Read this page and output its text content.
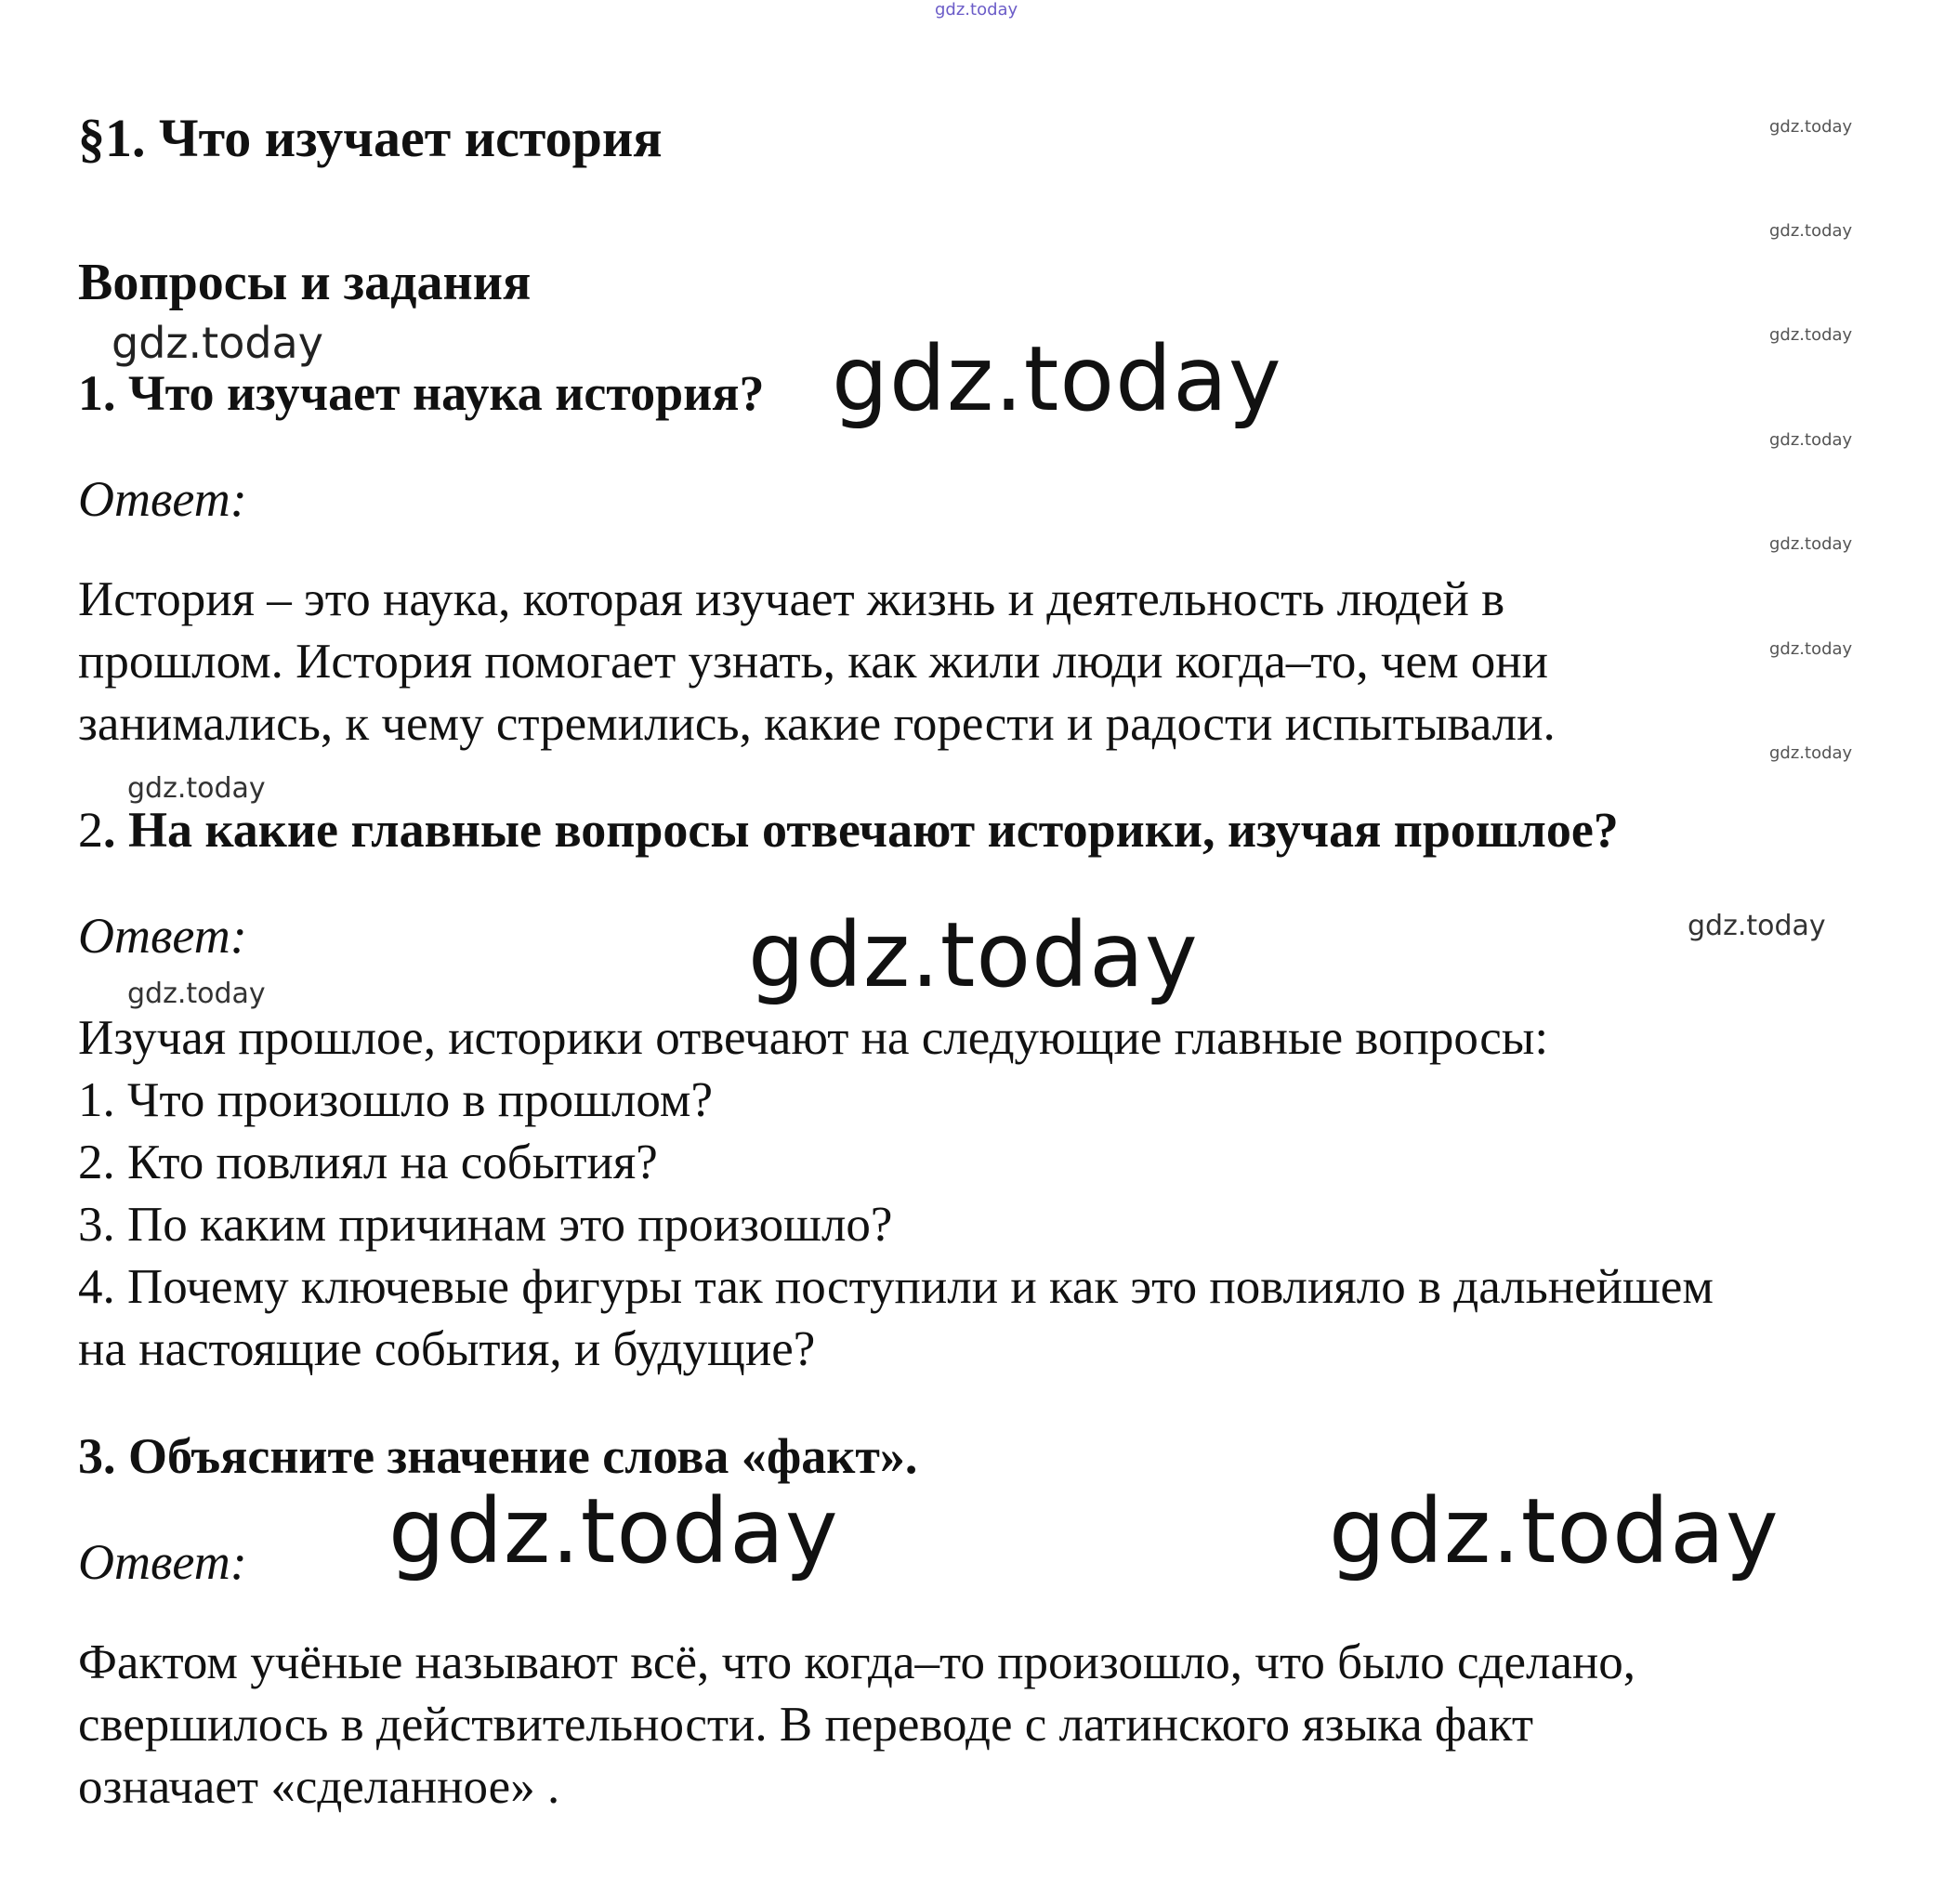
gdz.today
gdz.today
gdz.today
gdz.today
gdz.today
gdz.today
gdz.today
gdz.today
gdz.today	gdz.today
gdz.today
gdz.today	gdz.today
gdz.today
gdz.today	gdz.today
§1. Что изучает история
Вопросы и задания

1. Что изучает наука история?

Ответ:

История – это наука, которая изучает жизнь и деятельность людей в
прошлом. История помогает узнать, как жили люди когда–то, чем они
занимались, к чему стремились, какие горести и радости испытывали.

2. На какие главные вопросы отвечают историки, изучая прошлое?

Ответ:

Изучая прошлое, историки отвечают на следующие главные вопросы:
1. Что произошло в прошлом?
2. Кто повлиял на события?
3. По каким причинам это произошло?
4. Почему ключевые фигуры так поступили и как это повлияло в дальнейшем
на настоящие события, и будущие?

3. Объясните значение слова «факт».

Ответ:

Фактом учёные называют всё, что когда–то произошло, что было сделано,
свершилось в действительности. В переводе с латинского языка факт
означает «сделанное» .
